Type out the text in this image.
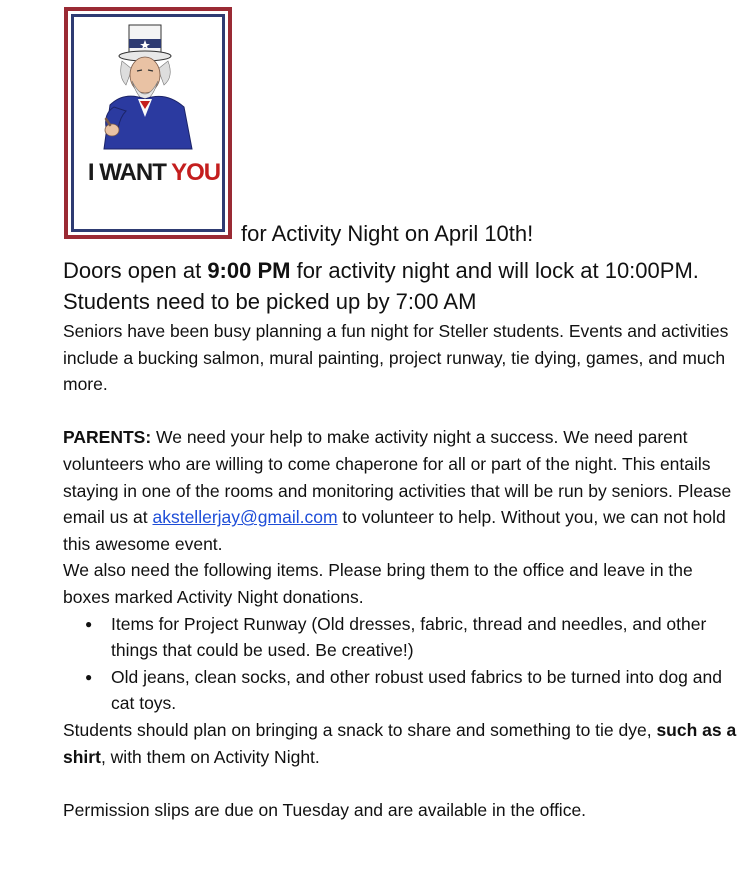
I WANT YOU
for Activity Night on April 10th!
Doors open at 9:00 PM for activity night and will lock at 10:00PM. Students need to be picked up by 7:00 AM

Seniors have been busy planning a fun night for Steller students. Events and activities include a bucking salmon, mural painting, project runway, tie dying, games, and much more.

PARENTS: We need your help to make activity night a success. We need parent volunteers who are willing to come chaperone for all or part of the night. This entails staying in one of the rooms and monitoring activities that will be run by seniors. Please email us at akstellerjay@gmail.com to volunteer to help. Without you, we can not hold this awesome event.

We also need the following items. Please bring them to the office and leave in the boxes marked Activity Night donations.

● Items for Project Runway (Old dresses, fabric, thread and needles, and other things that could be used. Be creative!)
● Old jeans, clean socks, and other robust used fabrics to be turned into dog and cat toys.

Students should plan on bringing a snack to share and something to tie dye, such as a shirt, with them on Activity Night.

Permission slips are due on Tuesday and are available in the office.
